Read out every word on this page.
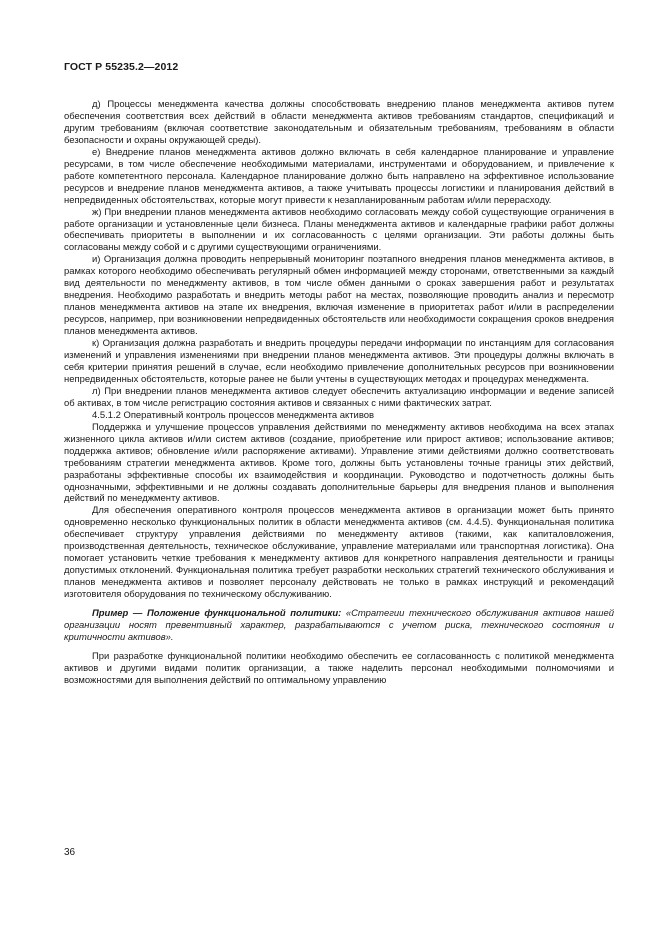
ГОСТ Р 55235.2—2012

д) Процессы менеджмента качества должны способствовать внедрению планов менеджмента активов путем обеспечения соответствия всех действий в области менеджмента активов требованиям стандартов, спецификаций и другим требованиям (включая соответствие законодательным и обязательным требованиям, требованиям в области безопасности и охраны окружающей среды).

е) Внедрение планов менеджмента активов должно включать в себя календарное планирование и управление ресурсами, в том числе обеспечение необходимыми материалами, инструментами и оборудованием, и привлечение к работе компетентного персонала. Календарное планирование должно быть направлено на эффективное использование ресурсов и внедрение планов менеджмента активов, а также учитывать процессы логистики и планирования действий в непредвиденных обстоятельствах, которые могут привести к незапланированным работам и/или перерасходу.

ж) При внедрении планов менеджмента активов необходимо согласовать между собой существующие ограничения в работе организации и установленные цели бизнеса. Планы менеджмента активов и календарные графики работ должны обеспечивать приоритеты в выполнении и их согласованность с целями организации. Эти работы должны быть согласованы между собой и с другими существующими ограничениями.

и) Организация должна проводить непрерывный мониторинг поэтапного внедрения планов менеджмента активов, в рамках которого необходимо обеспечивать регулярный обмен информацией между сторонами, ответственными за каждый вид деятельности по менеджменту активов, в том числе обмен данными о сроках завершения работ и результатах внедрения. Необходимо разработать и внедрить методы работ на местах, позволяющие проводить анализ и пересмотр планов менеджмента активов на этапе их внедрения, включая изменение в приоритетах работ и/или в распределении ресурсов, например, при возникновении непредвиденных обстоятельств или необходимости сокращения сроков внедрения планов менеджмента активов.

к) Организация должна разработать и внедрить процедуры передачи информации по инстанциям для согласования изменений и управления изменениями при внедрении планов менеджмента активов. Эти процедуры должны включать в себя критерии принятия решений в случае, если необходимо привлечение дополнительных ресурсов при возникновении непредвиденных обстоятельств, которые ранее не были учтены в существующих методах и процедурах менеджмента.

л) При внедрении планов менеджмента активов следует обеспечить актуализацию информации и ведение записей об активах, в том числе регистрацию состояния активов и связанных с ними фактических затрат.

4.5.1.2 Оперативный контроль процессов менеджмента активов

Поддержка и улучшение процессов управления действиями по менеджменту активов необходима на всех этапах жизненного цикла активов и/или систем активов (создание, приобретение или прирост активов; использование активов; поддержка активов; обновление и/или распоряжение активами). Управление этими действиями должно соответствовать требованиям стратегии менеджмента активов. Кроме того, должны быть установлены точные границы этих действий, разработаны эффективные способы их взаимодействия и координации. Руководство и подотчетность должны быть однозначными, эффективными и не должны создавать дополнительные барьеры для внедрения планов и выполнения действий по менеджменту активов.

Для обеспечения оперативного контроля процессов менеджмента активов в организации может быть принято одновременно несколько функциональных политик в области менеджмента активов (см. 4.4.5). Функциональная политика обеспечивает структуру управления действиями по менеджменту активов (такими, как капиталовложения, производственная деятельность, техническое обслуживание, управление материалами или транспортная логистика). Она помогает установить четкие требования к менеджменту активов для конкретного направления деятельности и границы допустимых отклонений. Функциональная политика требует разработки нескольких стратегий технического обслуживания и планов менеджмента активов и позволяет персоналу действовать не только в рамках инструкций и рекомендаций изготовителя оборудования по техническому обслуживанию.

Пример — Положение функциональной политики: «Стратегии технического обслуживания активов нашей организации носят превентивный характер, разрабатываются с учетом риска, технического состояния и критичности активов».

При разработке функциональной политики необходимо обеспечить ее согласованность с политикой менеджмента активов и другими видами политик организации, а также наделить персонал необходимыми полномочиями и возможностями для выполнения действий по оптимальному управлению

36
